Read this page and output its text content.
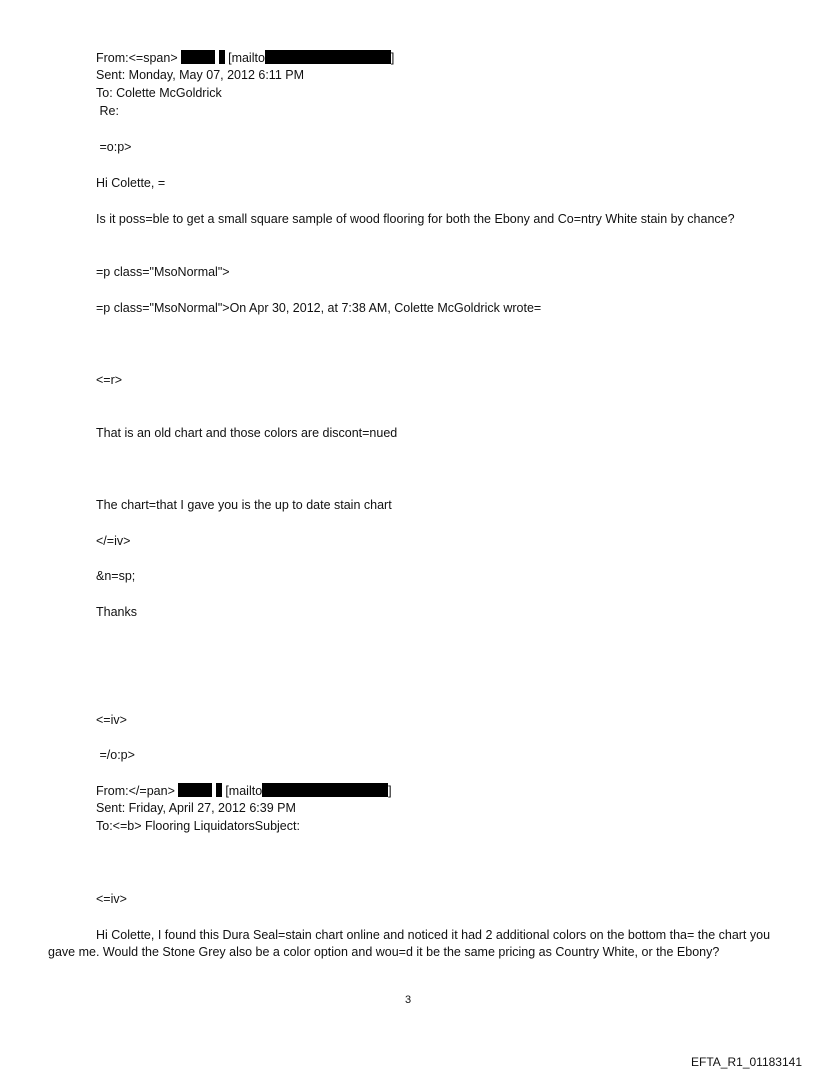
From:<=span>	[mailto	]
Sent: Monday, May 07, 2012 6:11 PM
To: Colette McGoldrick
Re:
=o:p>
Hi Colette, =
Is it poss=ble to get a small square sample of wood flooring for both the Ebony and Co=ntry White stain by chance?
=p class="MsoNormal">
=p class="MsoNormal">On Apr 30, 2012, at 7:38 AM, Colette McGoldrick wrote=
<=r>
That is an old chart and those colors are discont=nued
The chart=that I gave you is the up to date stain chart
</=iv>
&n=sp;
Thanks
<=iv>
=/o:p>
From:</=pan>	[mailto	]
Sent: Friday, April 27, 2012 6:39 PM
To:<=b> Flooring LiquidatorsSubject:
<=iv>
Hi Colette, I found this Dura Seal=stain chart online and noticed it had 2 additional colors on the bottom tha= the chart you gave me. Would the Stone Grey also be a color option and wou=d it be the same pricing as Country White, or the Ebony?
3
EFTA_R1_01183141
